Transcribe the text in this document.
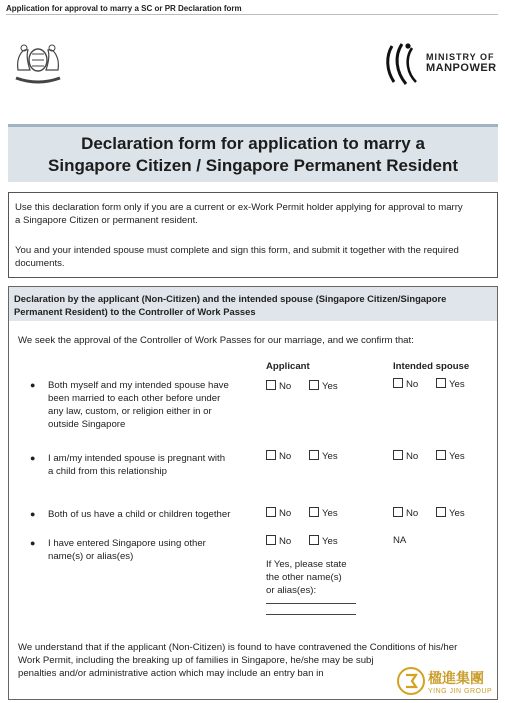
Application for approval to marry a SC or PR Declaration form
MINISTRY OF
MANPOWER
Declaration form for application to marry a
Singapore Citizen / Singapore Permanent Resident
Use this declaration form only if you are a current or ex-Work Permit holder applying for approval to marry
a Singapore Citizen or permanent resident.
You and your intended spouse must complete and sign this form, and submit it together with the required
documents.
Declaration by the applicant (Non-Citizen) and the intended spouse (Singapore Citizen/Singapore
Permanent Resident) to the Controller of Work Passes
We seek the approval of the Controller of Work Passes for our marriage, and we confirm that:
Applicant	Intended spouse
● Both myself and my intended spouse have
been married to each other before under
any law, custom, or religion either in or
outside Singapore
No	Yes	No	Yes
● I am/my intended spouse is pregnant with
a child from this relationship
No	Yes	No	Yes
● Both of us have a child or children together	No	Yes	No	Yes
● I have entered Singapore using other
name(s) or alias(es)
No	Yes	NA
If Yes, please state
the other name(s)
or alias(es):
We understand that if the applicant (Non-Citizen) is found to have contravened the Conditions of his/her
Work Permit, including the breaking up of families in Singapore, he/she may be subj
penalties and/or administrative action which may include an entry ban in	楹進集團
YING JIN GROUP
